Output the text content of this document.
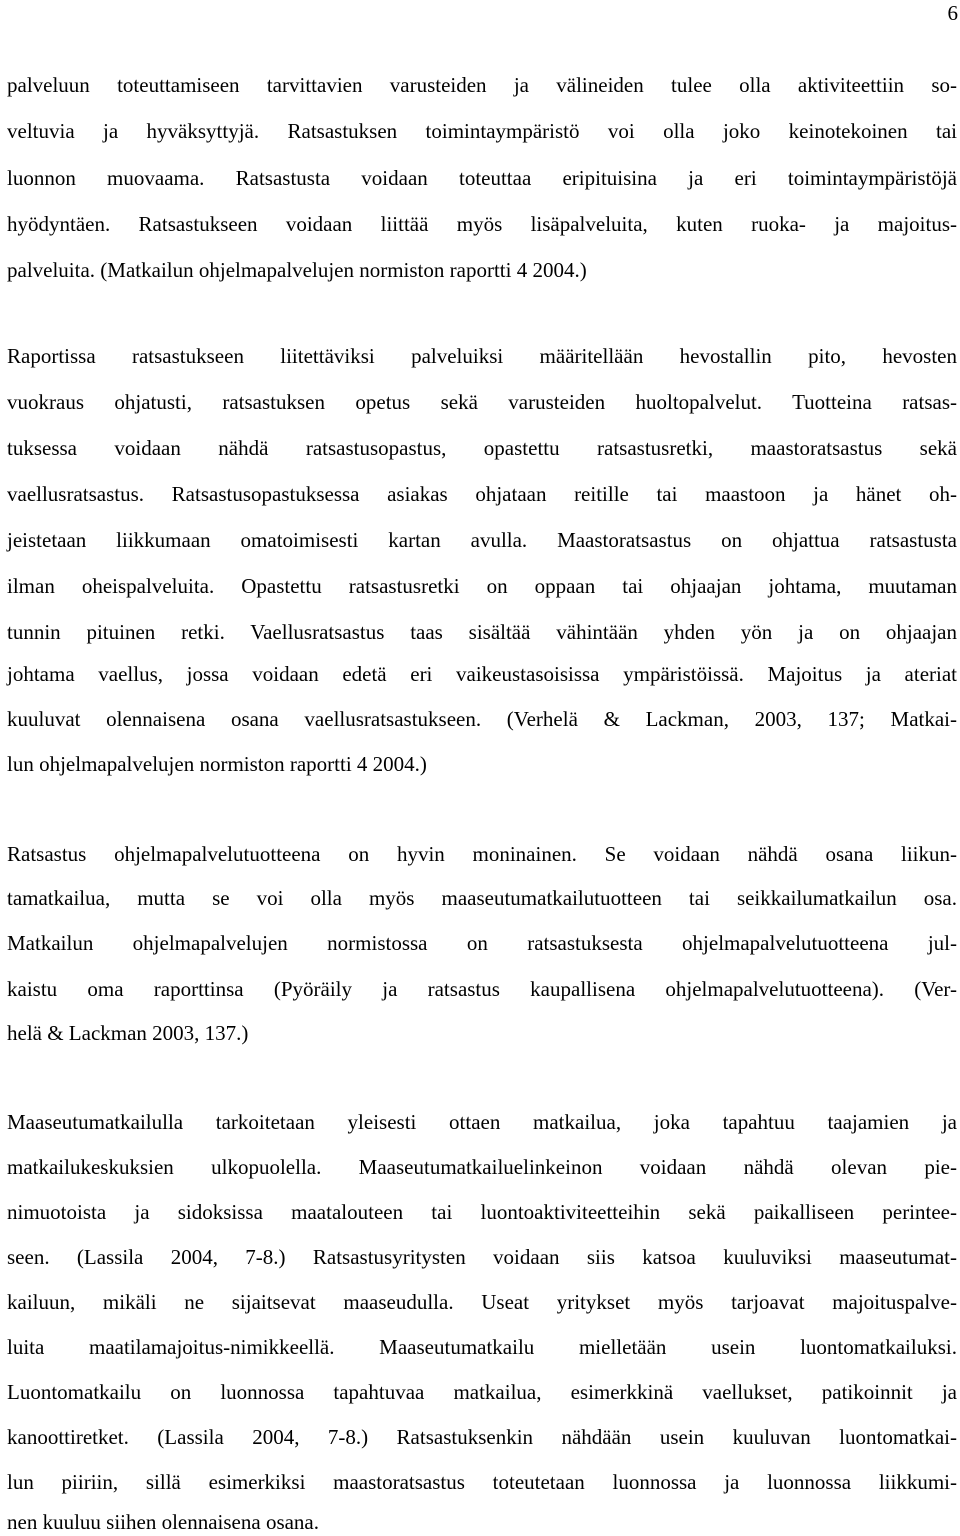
6
palveluun toteuttamiseen tarvittavien varusteiden ja välineiden tulee olla aktiviteettiin so-
veltuvia ja hyväksyttyjä. Ratsastuksen toimintaympäristö voi olla joko keinotekoinen tai
luonnon muovaama. Ratsastusta voidaan toteuttaa eripituisina ja eri toimintaympäristöjä
hyödyntäen. Ratsastukseen voidaan liittää myös lisäpalveluita, kuten ruoka- ja majoitus-
palveluita. (Matkailun ohjelmapalvelujen normiston raportti 4 2004.)
Raportissa ratsastukseen liitettäviksi palveluiksi määritellään hevostallin pito, hevosten
vuokraus ohjatusti, ratsastuksen opetus sekä varusteiden huoltopalvelut. Tuotteina ratsas-
tuksessa voidaan nähdä ratsastusopastus, opastettu ratsastusretki, maastoratsastus sekä
vaellusratsastus. Ratsastusopastuksessa asiakas ohjataan reitille tai maastoon ja hänet oh-
jeistetaan liikkumaan omatoimisesti kartan avulla. Maastoratsastus on ohjattua ratsastusta
ilman oheispalveluita. Opastettu ratsastusretki on oppaan tai ohjaajan johtama, muutaman
tunnin pituinen retki. Vaellusratsastus taas sisältää vähintään yhden yön ja on ohjaajan
johtama vaellus, jossa voidaan edetä eri vaikeustasoisissa ympäristöissä. Majoitus ja ateriat
kuuluvat olennaisena osana vaellusratsastukseen. (Verhelä & Lackman, 2003, 137; Matkai-
lun ohjelmapalvelujen normiston raportti 4 2004.)
Ratsastus ohjelmapalvelutuotteena on hyvin moninainen. Se voidaan nähdä osana liikun-
tamatkailua, mutta se voi olla myös maaseutumatkailutuotteen tai seikkailumatkailun osa.
Matkailun ohjelmapalvelujen normistossa on ratsastuksesta ohjelmapalvelutuotteena jul-
kaistu oma raporttinsa (Pyöräily ja ratsastus kaupallisena ohjelmapalvelutuotteena). (Ver-
helä & Lackman 2003, 137.)
Maaseutumatkailulla tarkoitetaan yleisesti ottaen matkailua, joka tapahtuu taajamien ja
matkailukeskuksien ulkopuolella. Maaseutumatkailuelinkeinon voidaan nähdä olevan pie-
nimuotoista ja sidoksissa maatalouteen tai luontoaktiviteetteihin sekä paikalliseen perintee-
seen. (Lassila 2004, 7-8.) Ratsastusyritysten voidaan siis katsoa kuuluviksi maaseutumat-
kailuun, mikäli ne sijaitsevat maaseudulla. Useat yritykset myös tarjoavat majoituspalve-
luita maatilamajoitus-nimikkeellä. Maaseutumatkailu mielletään usein luontomatkailuksi.
Luontomatkailu on luonnossa tapahtuvaa matkailua, esimerkkinä vaellukset, patikoinnit ja
kanoottiretket. (Lassila 2004, 7-8.) Ratsastuksenkin nähdään usein kuuluvan luontomatkai-
lun piiriin, sillä esimerkiksi maastoratsastus toteutetaan luonnossa ja luonnossa liikkumi-
nen kuuluu siihen olennaisena osana.
